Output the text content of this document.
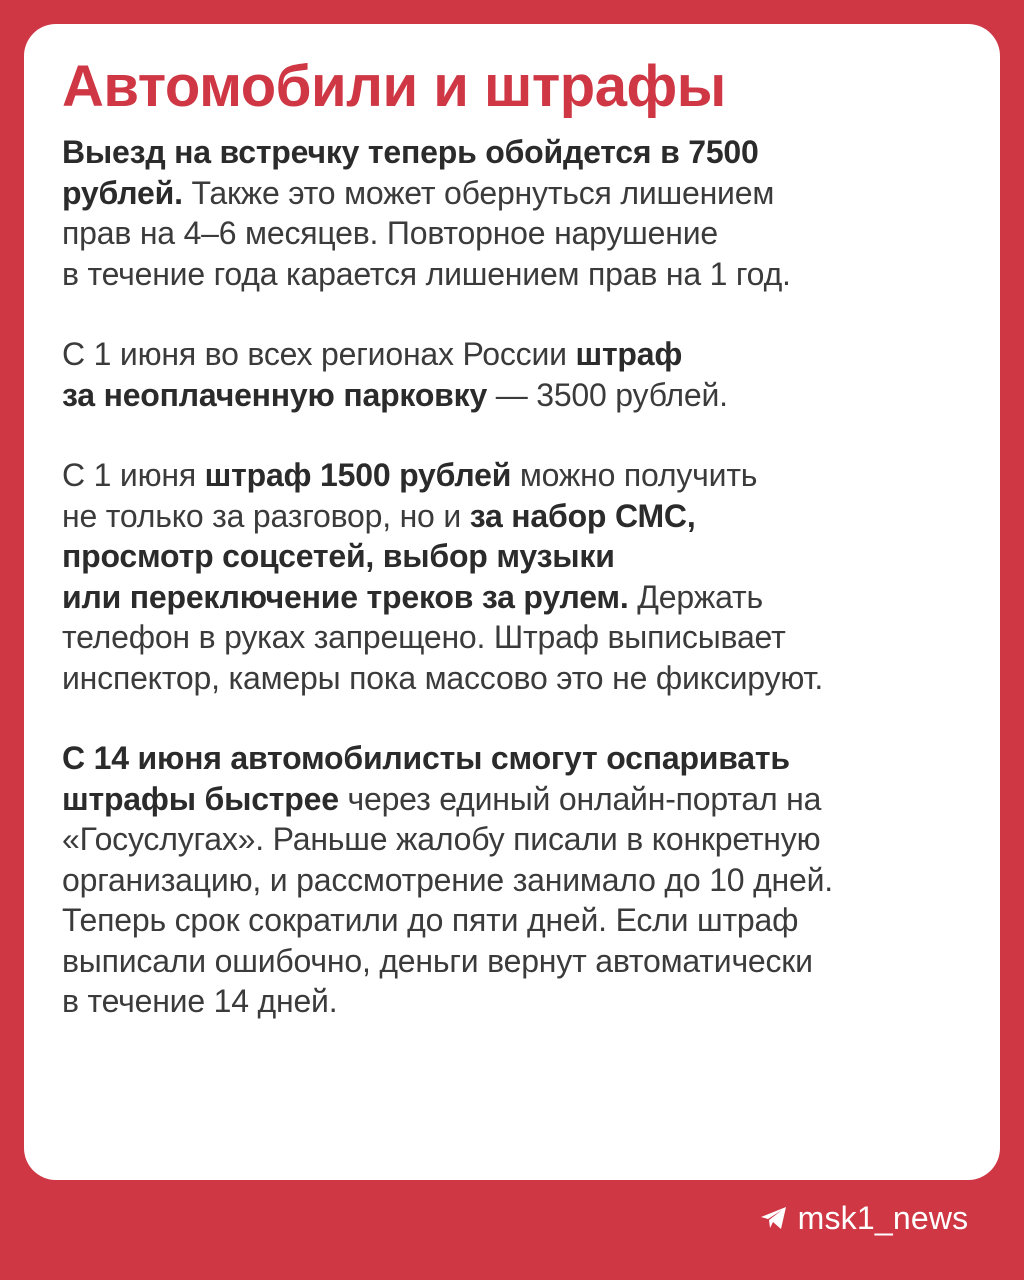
Автомобили и штрафы

Выезд на встречку теперь обойдется в 7500
рублей. Также это может обернуться лишением
прав на 4–6 месяцев. Повторное нарушение
в течение года карается лишением прав на 1 год.

С 1 июня во всех регионах России штраф
за неоплаченную парковку — 3500 рублей.

С 1 июня штраф 1500 рублей можно получить
не только за разговор, но и за набор СМС,
просмотр соцсетей, выбор музыки
или переключение треков за рулем. Держать
телефон в руках запрещено. Штраф выписывает
инспектор, камеры пока массово это не фиксируют.

С 14 июня автомобилисты смогут оспаривать
штрафы быстрее через единый онлайн-портал на
«Госуслугах». Раньше жалобу писали в конкретную
организацию, и рассмотрение занимало до 10 дней.
Теперь срок сократили до пяти дней. Если штраф
выписали ошибочно, деньги вернут автоматически
в течение 14 дней.

msk1_news
